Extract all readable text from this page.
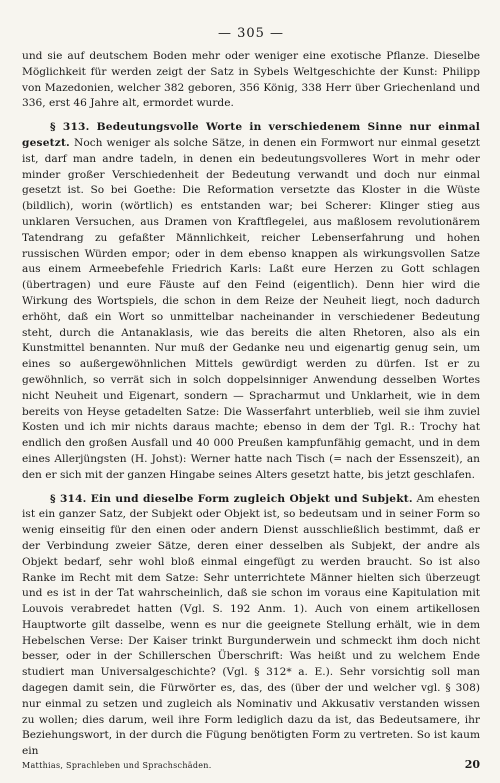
— 305 —

und sie auf deutschem Boden mehr oder weniger eine exotische Pflanze. Dieselbe Möglichkeit für werden zeigt der Satz in Sybels Weltgeschichte der Kunst: Philipp von Mazedonien, welcher 382 geboren, 356 König, 338 Herr über Griechenland und 336, erst 46 Jahre alt, ermordet wurde.

§ 313. Bedeutungsvolle Worte in verschiedenem Sinne nur einmal gesetzt. Noch weniger als solche Sätze, in denen ein Formwort nur einmal gesetzt ist, darf man andre tadeln, in denen ein bedeutungsvolleres Wort in mehr oder minder großer Verschiedenheit der Bedeutung verwandt und doch nur einmal gesetzt ist. So bei Goethe: Die Reformation versetzte das Kloster in die Wüste (bildlich), worin (wörtlich) es entstanden war; bei Scherer: Klinger stieg aus unklaren Versuchen, aus Dramen von Kraftflegelei, aus maßlosem revolutionärem Tatendrang zu gefaßter Männlichkeit, reicher Lebenserfahrung und hohen russischen Würden empor; oder in dem ebenso knappen als wirkungsvollen Satze aus einem Armeebefehle Friedrich Karls: Laßt eure Herzen zu Gott schlagen (übertragen) und eure Fäuste auf den Feind (eigentlich). Denn hier wird die Wirkung des Wortspiels, die schon in dem Reize der Neuheit liegt, noch dadurch erhöht, daß ein Wort so unmittelbar nacheinander in verschiedener Bedeutung steht, durch die Antanaklasis, wie das bereits die alten Rhetoren, also als ein Kunstmittel benannten. Nur muß der Gedanke neu und eigenartig genug sein, um eines so außergewöhnlichen Mittels gewürdigt werden zu dürfen. Ist er zu gewöhnlich, so verrät sich in solch doppelsinniger Anwendung desselben Wortes nicht Neuheit und Eigenart, sondern — Spracharmut und Unklarheit, wie in dem bereits von Heyse getadelten Satze: Die Wasserfahrt unterblieb, weil sie ihm zuviel Kosten und ich mir nichts daraus machte; ebenso in dem der Tgl. R.: Trochy hat endlich den großen Ausfall und 40 000 Preußen kampfunfähig gemacht, und in dem eines Allerjüngsten (H. Johst): Werner hatte nach Tisch (= nach der Essenszeit), an den er sich mit der ganzen Hingabe seines Alters gesetzt hatte, bis jetzt geschlafen.

§ 314. Ein und dieselbe Form zugleich Objekt und Subjekt. Am ehesten ist ein ganzer Satz, der Subjekt oder Objekt ist, so bedeutsam und in seiner Form so wenig einseitig für den einen oder andern Dienst ausschließlich bestimmt, daß er der Verbindung zweier Sätze, deren einer desselben als Subjekt, der andre als Objekt bedarf, sehr wohl bloß einmal eingefügt zu werden braucht. So ist also Ranke im Recht mit dem Satze: Sehr unterrichtete Männer hielten sich überzeugt und es ist in der Tat wahrscheinlich, daß sie schon im voraus eine Kapitulation mit Louvois verabredet hatten (Vgl. S. 192 Anm. 1). Auch von einem artikellosen Hauptworte gilt dasselbe, wenn es nur die geeignete Stellung erhält, wie in dem Hebelschen Verse: Der Kaiser trinkt Burgunderwein und schmeckt ihm doch nicht besser, oder in der Schillerschen Überschrift: Was heißt und zu welchem Ende studiert man Universalgeschichte? (Vgl. § 312* a. E.). Sehr vorsichtig soll man dagegen damit sein, die Fürwörter es, das, des (über der und welcher vgl. § 308) nur einmal zu setzen und zugleich als Nominativ und Akkusativ verstanden wissen zu wollen; dies darum, weil ihre Form lediglich dazu da ist, das Bedeutsamere, ihr Beziehungswort, in der durch die Fügung benötigten Form zu vertreten. So ist kaum ein

Matthias, Sprachleben und Sprachschäden.	20
